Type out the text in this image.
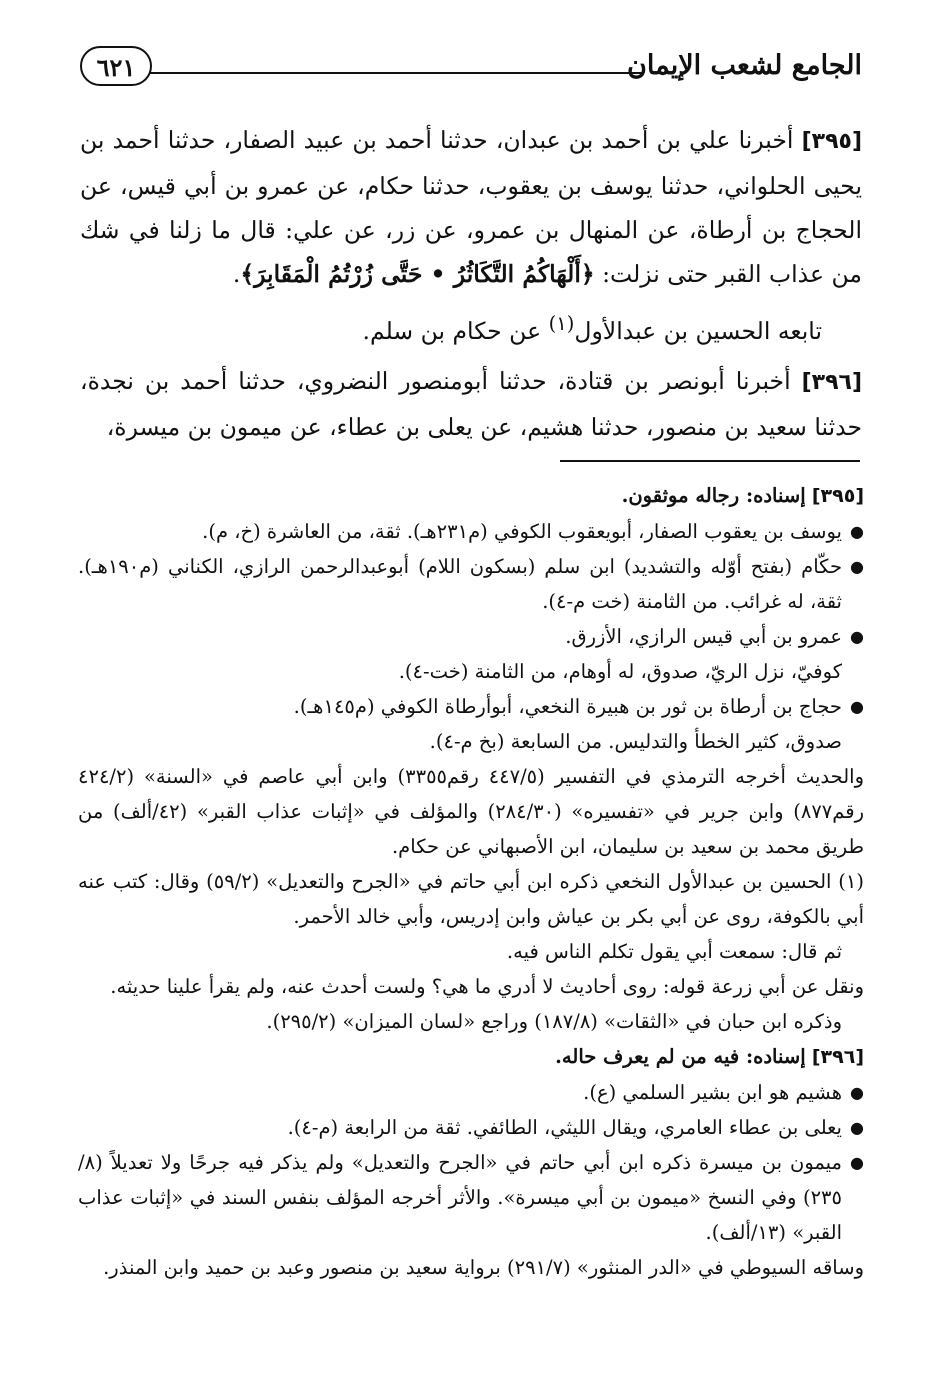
الجامع لشعب الإيمان
٦٢١

[٣٩٥] أخبرنا علي بن أحمد بن عبدان، حدثنا أحمد بن عبيد الصفار، حدثنا أحمد بن يحيى الحلواني، حدثنا يوسف بن يعقوب، حدثنا حكام، عن عمرو بن أبي قيس، عن الحجاج بن أرطاة، عن المنهال بن عمرو، عن زر، عن علي: قال ما زلنا في شك من عذاب القبر حتى نزلت: ﴿أَلْهَاكُمُ التَّكَاثُرُ • حَتَّى زُرْتُمُ الْمَقَابِرَ﴾.

تابعه الحسين بن عبدالأول$^{(١)}$ عن حكام بن سلم.

[٣٩٦] أخبرنا أبونصر بن قتادة، حدثنا أبومنصور النضروي، حدثنا أحمد بن نجدة، حدثنا سعيد بن منصور، حدثنا هشيم، عن يعلى بن عطاء، عن ميمون بن ميسرة،

[٣٩٥] إسناده: رجاله موثقون.

●
يوسف بن يعقوب الصفار، أبويعقوب الكوفي (م٢٣١هـ). ثقة، من العاشرة (خ، م).
●
حكّام (بفتح أوّله والتشديد) ابن سلم (بسكون اللام) أبوعبدالرحمن الرازي، الكناني (م١٩٠هـ). ثقة، له غرائب. من الثامنة (خت م-٤).
●
عمرو بن أبي قيس الرازي، الأزرق.

كوفيّ، نزل الريّ، صدوق، له أوهام، من الثامنة (خت-٤).

●
حجاج بن أرطاة بن ثور بن هبيرة النخعي، أبوأرطاة الكوفي (م١٤٥هـ).

صدوق، كثير الخطأ والتدليس. من السابعة (بخ م-٤).

والحديث أخرجه الترمذي في التفسير (٤٤٧/٥ رقم٣٣٥٥) وابن أبي عاصم في «السنة» (٤٢٤/٢ رقم٨٧٧) وابن جرير في «تفسيره» (٢٨٤/٣٠) والمؤلف في «إثبات عذاب القبر» (٤٢/ألف) من طريق محمد بن سعيد بن سليمان، ابن الأصبهاني عن حكام.

(١) الحسين بن عبدالأول النخعي ذكره ابن أبي حاتم في «الجرح والتعديل» (٥٩/٢) وقال: كتب عنه أبي بالكوفة، روى عن أبي بكر بن عياش وابن إدريس، وأبي خالد الأحمر.

ثم قال: سمعت أبي يقول تكلم الناس فيه.

ونقل عن أبي زرعة قوله: روى أحاديث لا أدري ما هي؟ ولست أحدث عنه، ولم يقرأ علينا حديثه.

وذكره ابن حبان في «الثقات» (١٨٧/٨) وراجع «لسان الميزان» (٢٩٥/٢).

[٣٩٦] إسناده: فيه من لم يعرف حاله.

●
هشيم هو ابن بشير السلمي (ع).
●
يعلى بن عطاء العامري، ويقال الليثي، الطائفي. ثقة من الرابعة (م-٤).
●
ميمون بن ميسرة ذكره ابن أبي حاتم في «الجرح والتعديل» ولم يذكر فيه جرحًا ولا تعديلاً (٨/ ٢٣٥) وفي النسخ «ميمون بن أبي ميسرة». والأثر أخرجه المؤلف بنفس السند في «إثبات عذاب القبر» (١٣/ألف).

وساقه السيوطي في «الدر المنثور» (٢٩١/٧) برواية سعيد بن منصور وعبد بن حميد وابن المنذر.
